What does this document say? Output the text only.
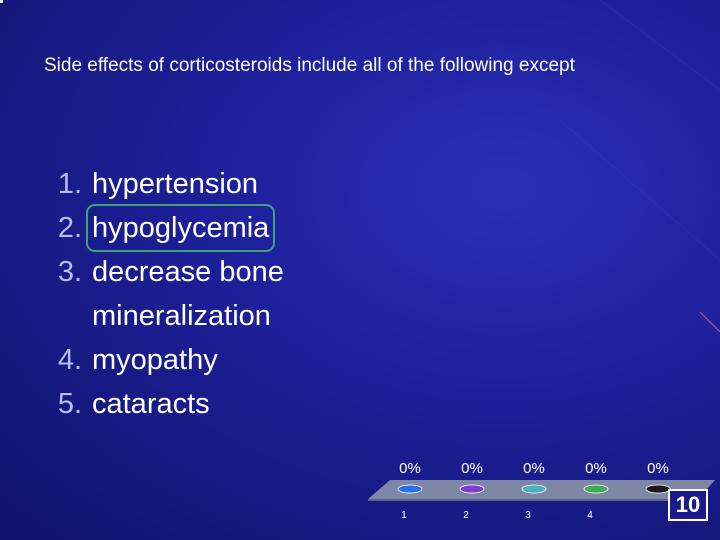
Side effects of corticosteroids include all of the following except
1. hypertension
2. hypoglycemia
3. decrease bone mineralization
4. myopathy
5. cataracts
0%
1
0%
2
0%
3
0%
4
0%
10
